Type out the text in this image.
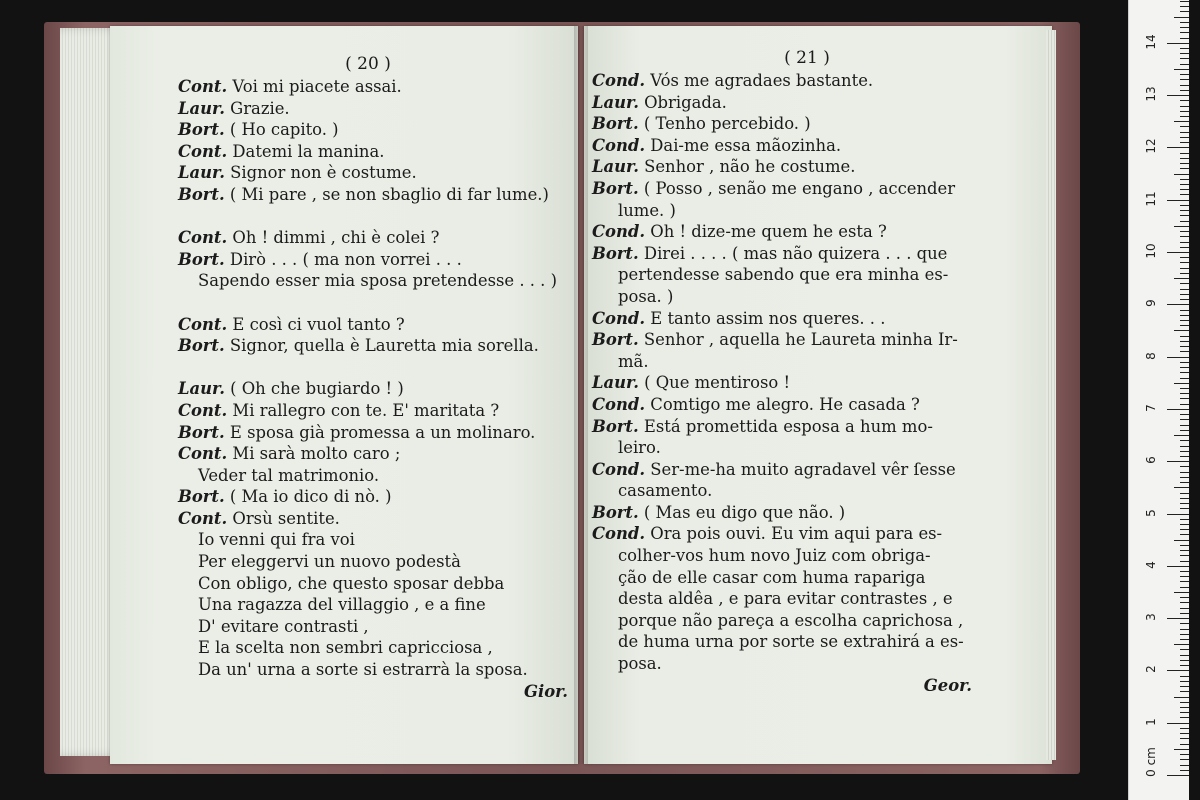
( 20 )
Cont. Voi mi piacete assai.
Laur. Grazie.
Bort. ( Ho capito. )
Cont. Datemi la manina.
Laur. Signor non è costume.
Bort. ( Mi pare , se non sbaglio di far lume.)
Cont. Oh ! dimmi , chi è colei ?
Bort. Dirò . . . ( ma non vorrei . . .
Sapendo esser mia sposa pretendesse . . . )
Cont. E così ci vuol tanto ?
Bort. Signor, quella è Lauretta mia sorella.
Laur. ( Oh che bugiardo ! )
Cont. Mi rallegro con te. E' maritata ?
Bort. E sposa già promessa a un molinaro.
Cont. Mi sarà molto caro ;
Veder tal matrimonio.
Bort. ( Ma io dico di nò. )
Cont. Orsù sentite.
Io venni qui fra voi
Per eleggervi un nuovo podestà
Con obligo, che questo sposar debba
Una ragazza del villaggio , e a fine
D' evitare contrasti ,
E la scelta non sembri capricciosa ,
Da un' urna a sorte si estrarrà la sposa.
Gior.
( 21 )
Cond. Vós me agradaes bastante.
Laur. Obrigada.
Bort. ( Tenho percebido. )
Cond. Dai-me essa mãozinha.
Laur. Senhor , não he costume.
Bort. ( Posso , senão me engano , accender
lume. )
Cond. Oh ! dize-me quem he esta ?
Bort. Direi . . . . ( mas não quizera . . . que
pertendesse sabendo que era minha es-
posa. )
Cond. E tanto assim nos queres. . .
Bort. Senhor , aquella he Laureta minha Ir-
mã.
Laur. ( Que mentiroso !
Cond. Comtigo me alegro. He casada ?
Bort. Está promettida esposa a hum mo-
leiro.
Cond. Ser-me-ha muito agradavel vêr ſesse
casamento.
Bort. ( Mas eu digo que não. )
Cond. Ora pois ouvi. Eu vim aqui para es-
colher-vos hum novo Juiz com obriga-
ção de elle casar com huma rapariga
desta aldêa , e para evitar contrastes , e
porque não pareça a escolha caprichosa ,
de huma urna por sorte se extrahirá a es-
posa.
Geor.
0 cm
1
2
3
4
5
6
7
8
9
10
11
12
13
14
